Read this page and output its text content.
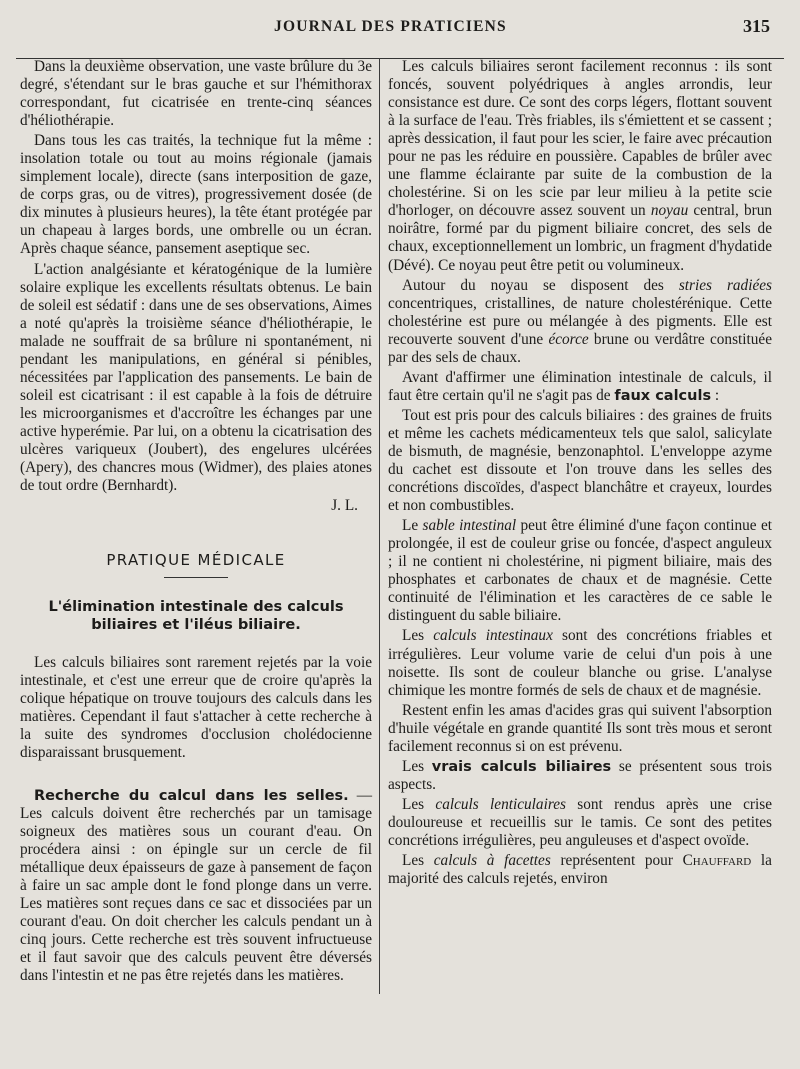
JOURNAL DES PRATICIENS	315

Dans la deuxième observation, une vaste brûlure du 3e degré, s'étendant sur le bras gauche et sur l'hémithorax correspondant, fut cicatrisée en trente-cinq séances d'héliothérapie.

Dans tous les cas traités, la technique fut la même : insolation totale ou tout au moins régionale (jamais simplement locale), directe (sans interposition de gaze, de corps gras, ou de vitres), progressivement dosée (de dix minutes à plusieurs heures), la tête étant protégée par un chapeau à larges bords, une ombrelle ou un écran. Après chaque séance, pansement aseptique sec.

L'action analgésiante et kératogénique de la lumière solaire explique les excellents résultats obtenus. Le bain de soleil est sédatif : dans une de ses observations, Aimes a noté qu'après la troisième séance d'héliothérapie, le malade ne souffrait de sa brûlure ni spontanément, ni pendant les manipulations, en général si pénibles, nécessitées par l'application des pansements. Le bain de soleil est cicatrisant : il est capable à la fois de détruire les microorganismes et d'accroître les échanges par une active hyperémie. Par lui, on a obtenu la cicatrisation des ulcères variqueux (Joubert), des engelures ulcérées (Apery), des chancres mous (Widmer), des plaies atones de tout ordre (Bernhardt).

J. L.

PRATIQUE MÉDICALE
L'élimination intestinale des calculs
biliaires et l'iléus biliaire.

Les calculs biliaires sont rarement rejetés par la voie intestinale, et c'est une erreur que de croire qu'après la colique hépatique on trouve toujours des calculs dans les matières. Cependant il faut s'attacher à cette recherche à la suite des syndromes d'occlusion cholédocienne disparaissant brusquement.

Recherche du calcul dans les selles. — Les calculs doivent être recherchés par un tamisage soigneux des matières sous un courant d'eau. On procédera ainsi : on épingle sur un cercle de fil métallique deux épaisseurs de gaze à pansement de façon à faire un sac ample dont le fond plonge dans un verre. Les matières sont reçues dans ce sac et dissociées par un courant d'eau. On doit chercher les calculs pendant un à cinq jours. Cette recherche est très souvent infructueuse et il faut savoir que des calculs peuvent être déversés dans l'intestin et ne pas être rejetés dans les matières.

Les calculs biliaires seront facilement reconnus : ils sont foncés, souvent polyédriques à angles arrondis, leur consistance est dure. Ce sont des corps légers, flottant souvent à la surface de l'eau. Très friables, ils s'émiettent et se cassent ; après dessication, il faut pour les scier, le faire avec précaution pour ne pas les réduire en poussière. Capables de brûler avec une flamme éclairante par suite de la combustion de la cholestérine. Si on les scie par leur milieu à la petite scie d'horloger, on découvre assez souvent un noyau central, brun noirâtre, formé par du pigment biliaire concret, des sels de chaux, exceptionnellement un lombric, un fragment d'hydatide (Dévé). Ce noyau peut être petit ou volumineux.

Autour du noyau se disposent des stries radiées concentriques, cristallines, de nature cholestérénique. Cette cholestérine est pure ou mélangée à des pigments. Elle est recouverte souvent d'une écorce brune ou verdâtre constituée par des sels de chaux.

Avant d'affirmer une élimination intestinale de calculs, il faut être certain qu'il ne s'agit pas de faux calculs :

Tout est pris pour des calculs biliaires : des graines de fruits et même les cachets médicamenteux tels que salol, salicylate de bismuth, de magnésie, benzonaphtol. L'enveloppe azyme du cachet est dissoute et l'on trouve dans les selles des concrétions discoïdes, d'aspect blanchâtre et crayeux, lourdes et non combustibles.

Le sable intestinal peut être éliminé d'une façon continue et prolongée, il est de couleur grise ou foncée, d'aspect anguleux ; il ne contient ni cholestérine, ni pigment biliaire, mais des phosphates et carbonates de chaux et de magnésie. Cette continuité de l'élimination et les caractères de ce sable le distinguent du sable biliaire.

Les calculs intestinaux sont des concrétions friables et irrégulières. Leur volume varie de celui d'un pois à une noisette. Ils sont de couleur blanche ou grise. L'analyse chimique les montre formés de sels de chaux et de magnésie.

Restent enfin les amas d'acides gras qui suivent l'absorption d'huile végétale en grande quantité Ils sont très mous et seront facilement reconnus si on est prévenu.

Les vrais calculs biliaires se présentent sous trois aspects.

Les calculs lenticulaires sont rendus après une crise douloureuse et recueillis sur le tamis. Ce sont des petites concrétions irrégulières, peu anguleuses et d'aspect ovoïde.

Les calculs à facettes représentent pour Chauffard la majorité des calculs rejetés, environ
